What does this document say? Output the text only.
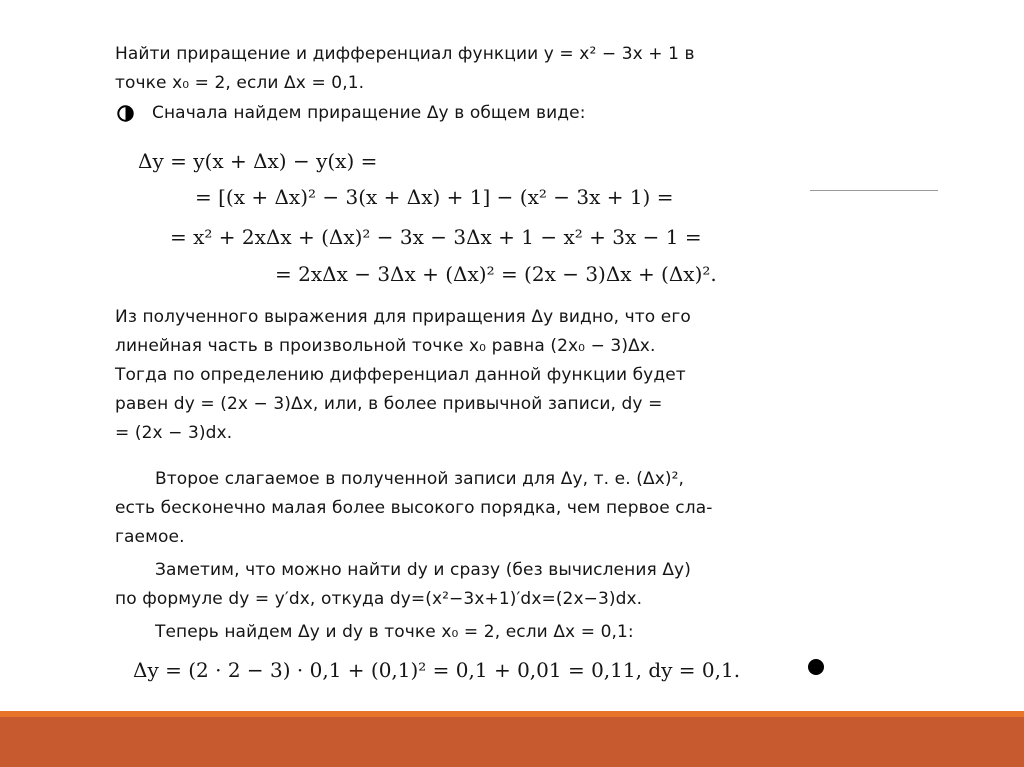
Найти приращение и дифференциал функции y = x² − 3x + 1 в
точке x₀ = 2, если Δx = 0,1.
Сначала найдем приращение Δy в общем виде:
Δy = y(x + Δx) − y(x) =
= [(x + Δx)² − 3(x + Δx) + 1] − (x² − 3x + 1) =
= x² + 2xΔx + (Δx)² − 3x − 3Δx + 1 − x² + 3x − 1 =
= 2xΔx − 3Δx + (Δx)² = (2x − 3)Δx + (Δx)².
Из полученного выражения для приращения Δy видно, что его
линейная часть в произвольной точке x₀ равна (2x₀ − 3)Δx.
Тогда по определению дифференциал данной функции будет
равен dy = (2x − 3)Δx, или, в более привычной записи, dy =
= (2x − 3)dx.
Второе слагаемое в полученной записи для Δy, т. е. (Δx)²,
есть бесконечно малая более высокого порядка, чем первое сла-
гаемое.
Заметим, что можно найти dy и сразу (без вычисления Δy)
по формуле dy = y′dx, откуда dy=(x²−3x+1)′dx=(2x−3)dx.
Теперь найдем Δy и dy в точке x₀ = 2, если Δx = 0,1:
Δy = (2 · 2 − 3) · 0,1 + (0,1)² = 0,1 + 0,01 = 0,11, dy = 0,1.
